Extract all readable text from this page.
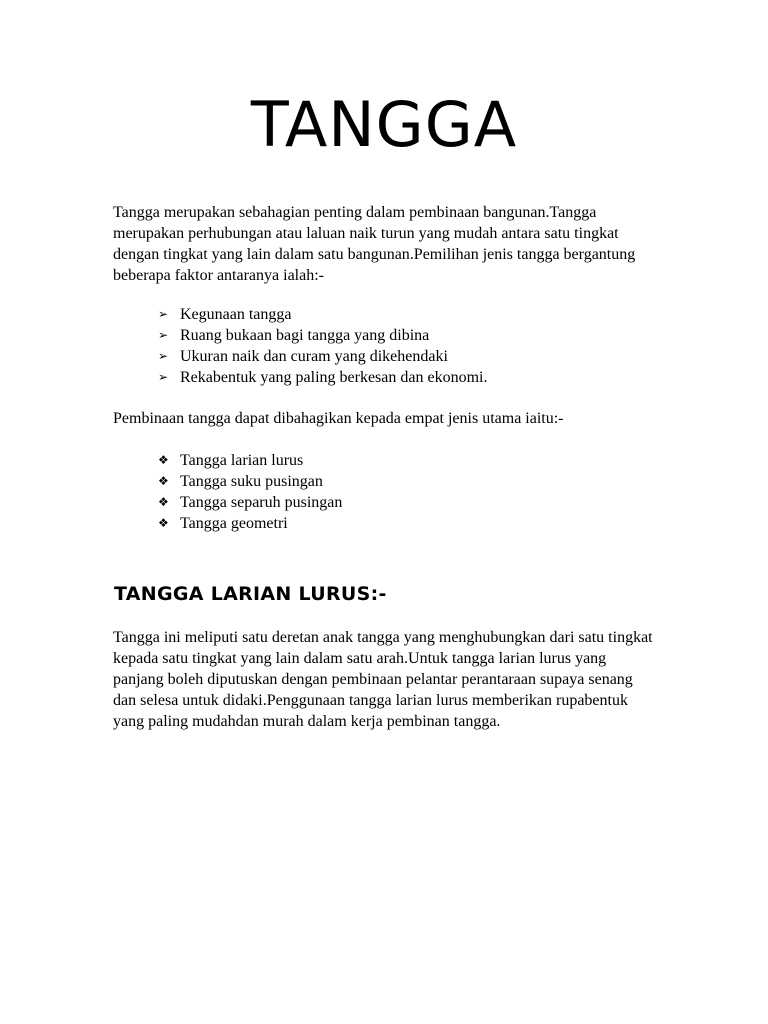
TANGGA

Tangga merupakan sebahagian penting dalam pembinaan bangunan.Tangga merupakan perhubungan atau laluan naik turun yang mudah antara satu tingkat dengan tingkat yang lain dalam satu bangunan.Pemilihan jenis tangga bergantung beberapa faktor antaranya ialah:-

➢ Kegunaan tangga
➢ Ruang bukaan bagi tangga yang dibina
➢ Ukuran naik dan curam yang dikehendaki
➢ Rekabentuk yang paling berkesan dan ekonomi.

Pembinaan tangga dapat dibahagikan kepada empat jenis utama iaitu:-

❖ Tangga larian lurus
❖ Tangga suku pusingan
❖ Tangga separuh pusingan
❖ Tangga geometri
TANGGA LARIAN LURUS:-

Tangga ini meliputi satu deretan anak tangga yang menghubungkan dari satu tingkat kepada satu tingkat yang lain dalam satu arah.Untuk tangga larian lurus yang panjang boleh diputuskan dengan pembinaan pelantar perantaraan supaya senang dan selesa untuk didaki.Penggunaan tangga larian lurus memberikan rupabentuk yang paling mudahdan murah dalam kerja pembinan tangga.
